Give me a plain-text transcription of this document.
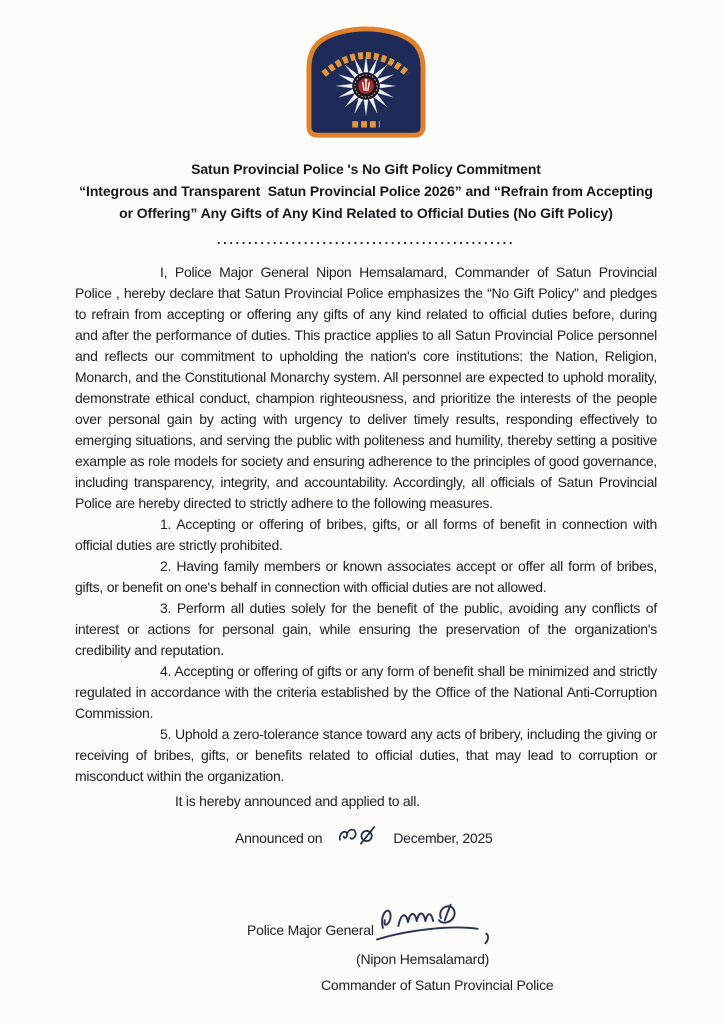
Satun Provincial Police 's No Gift Policy Commitment
“Integrous and Transparent  Satun Provincial Police 2026” and “Refrain from Accepting
or Offering” Any Gifts of Any Kind Related to Official Duties (No Gift Policy)
................................................

I, Police Major General Nipon Hemsalamard, Commander of Satun Provincial Police , hereby declare that Satun Provincial Police emphasizes the “No Gift Policy” and pledges to refrain from accepting or offering any gifts of any kind related to official duties before, during and after the performance of duties. This practice applies to all Satun Provincial Police personnel and reflects our commitment to upholding the nation's core institutions: the Nation, Religion, Monarch, and the Constitutional Monarchy system. All personnel are expected to uphold morality, demonstrate ethical conduct, champion righteousness, and prioritize the interests of the people over personal gain by acting with urgency to deliver timely results, responding effectively to emerging situations, and serving the public with politeness and humility, thereby setting a positive example as role models for society and ensuring adherence to the principles of good governance, including transparency, integrity, and accountability. Accordingly, all officials of Satun Provincial Police are hereby directed to strictly adhere to the following measures.

1. Accepting or offering of bribes, gifts, or all forms of benefit in connection with official duties are strictly prohibited.

2. Having family members or known associates accept or offer all form of bribes, gifts, or benefit on one's behalf in connection with official duties are not allowed.

3. Perform all duties solely for the benefit of the public, avoiding any conflicts of interest or actions for personal gain, while ensuring the preservation of the organization's credibility and reputation.

4. Accepting or offering of gifts or any form of benefit shall be minimized and strictly regulated in accordance with the criteria established by the Office of the National Anti-Corruption Commission.

5. Uphold a zero-tolerance stance toward any acts of bribery, including the giving or receiving of bribes, gifts, or benefits related to official duties, that may lead to corruption or misconduct within the organization.

It is hereby announced and applied to all.

Announced on	December, 2025
Police Major General
(Nipon Hemsalamard)
Commander of Satun Provincial Police
